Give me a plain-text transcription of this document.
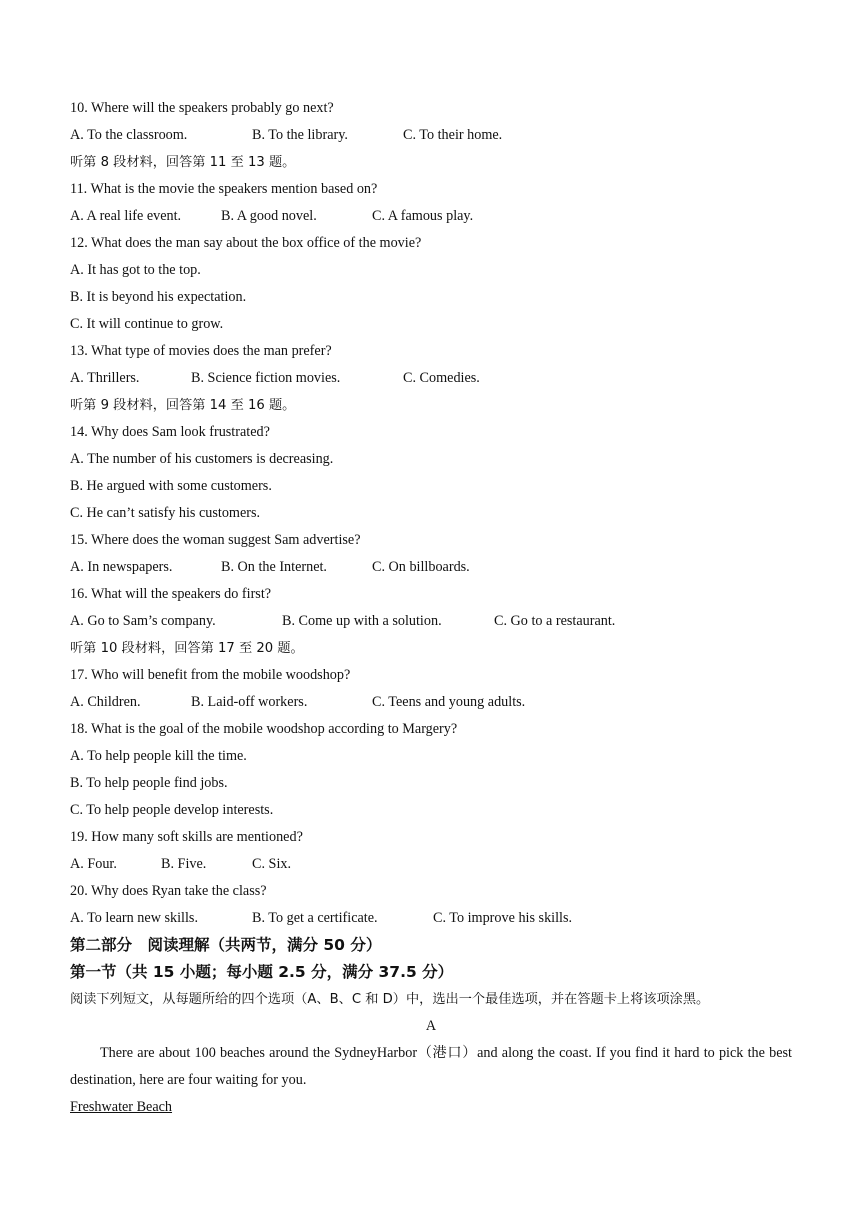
10. Where will the speakers probably go next?
A. To the classroom.	B. To the library.	C. To their home.
听第 8 段材料，回答第 11 至 13 题。
11. What is the movie the speakers mention based on?
A. A real life event.	B. A good novel.	C. A famous play.
12. What does the man say about the box office of the movie?
A. It has got to the top.
B. It is beyond his expectation.
C. It will continue to grow.
13. What type of movies does the man prefer?
A. Thrillers.	B. Science fiction movies.	C. Comedies.
听第 9 段材料，回答第 14 至 16 题。
14. Why does Sam look frustrated?
A. The number of his customers is decreasing.
B. He argued with some customers.
C. He can’t satisfy his customers.
15. Where does the woman suggest Sam advertise?
A. In newspapers.	B. On the Internet.	C. On billboards.
16. What will the speakers do first?
A. Go to Sam’s company.	B. Come up with a solution.	C. Go to a restaurant.
听第 10 段材料，回答第 17 至 20 题。
17. Who will benefit from the mobile woodshop?
A. Children.	B. Laid-off workers.	C. Teens and young adults.
18. What is the goal of the mobile woodshop according to Margery?
A. To help people kill the time.
B. To help people find jobs.
C. To help people develop interests.
19. How many soft skills are mentioned?
A. Four.	B. Five.	C. Six.
20. Why does Ryan take the class?
A. To learn new skills.	B. To get a certificate.	C. To improve his skills.
第二部分　阅读理解（共两节，满分 50 分）
第一节（共 15 小题；每小题 2.5 分，满分 37.5 分）
阅读下列短文，从每题所给的四个选项（A、B、C 和 D）中，选出一个最佳选项，并在答题卡上将该项涂黑。
A
There are about 100 beaches around the SydneyHarbor（港口）and along the coast. If you find it hard to pick the best destination, here are four waiting for you.
Freshwater Beach
